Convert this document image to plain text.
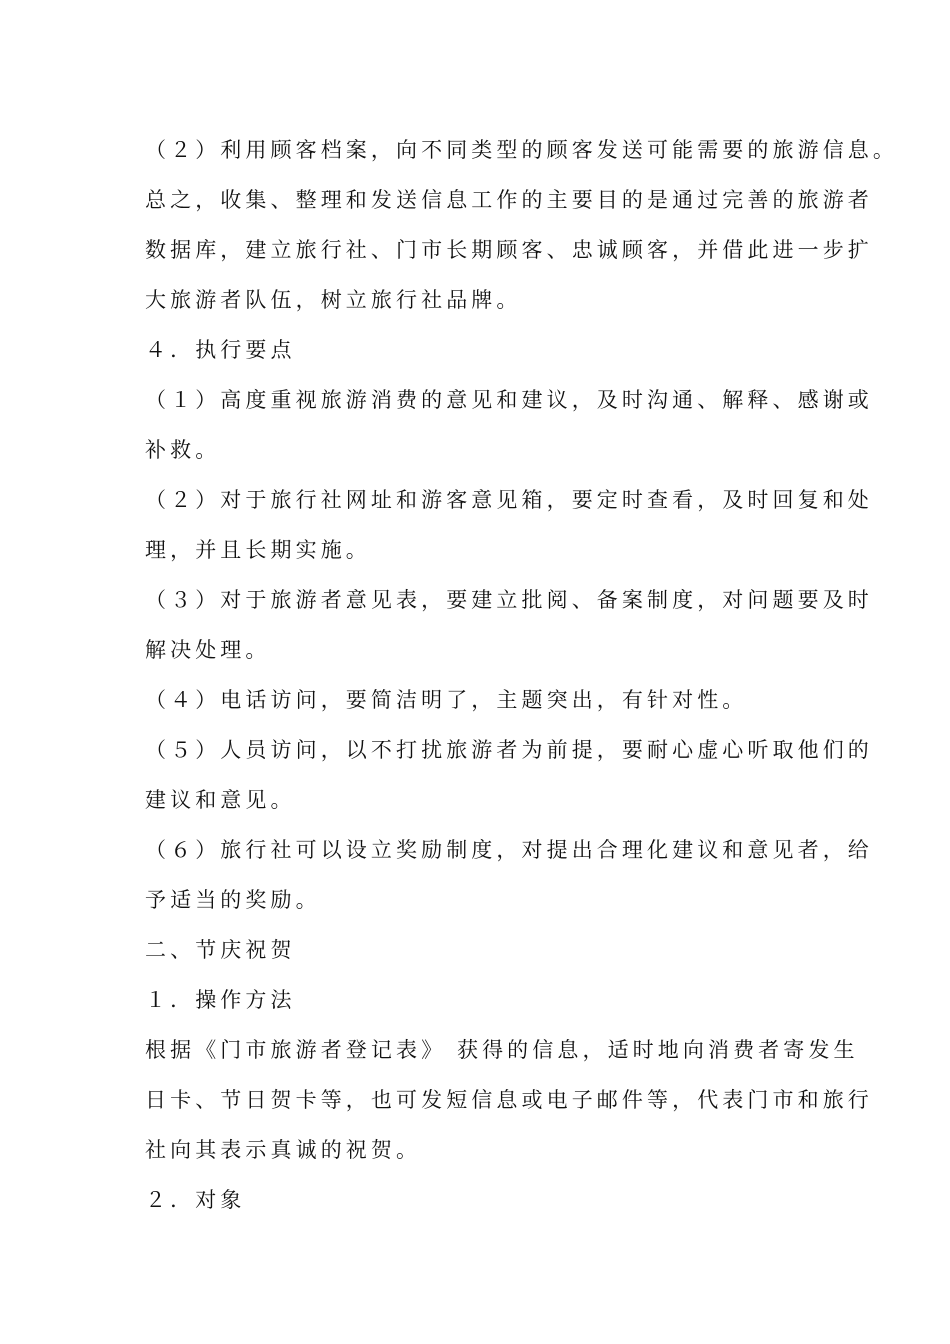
（２）利用顾客档案，向不同类型的顾客发送可能需要的旅游信息。
总之，收集、整理和发送信息工作的主要目的是通过完善的旅游者
数据库，建立旅行社、门市长期顾客、忠诚顾客，并借此进一步扩
大旅游者队伍，树立旅行社品牌。
４．执行要点
（１）高度重视旅游消费的意见和建议，及时沟通、解释、感谢或
补救。
（２）对于旅行社网址和游客意见箱，要定时查看，及时回复和处
理，并且长期实施。
（３）对于旅游者意见表，要建立批阅、备案制度，对问题要及时
解决处理。
（４）电话访问，要简洁明了，主题突出，有针对性。
（５）人员访问，以不打扰旅游者为前提，要耐心虚心听取他们的
建议和意见。
（６）旅行社可以设立奖励制度，对提出合理化建议和意见者，给
予适当的奖励。
二、节庆祝贺
１．操作方法
根据《门市旅游者登记表》 获得的信息，适时地向消费者寄发生
日卡、节日贺卡等，也可发短信息或电子邮件等，代表门市和旅行
社向其表示真诚的祝贺。
２．对象
